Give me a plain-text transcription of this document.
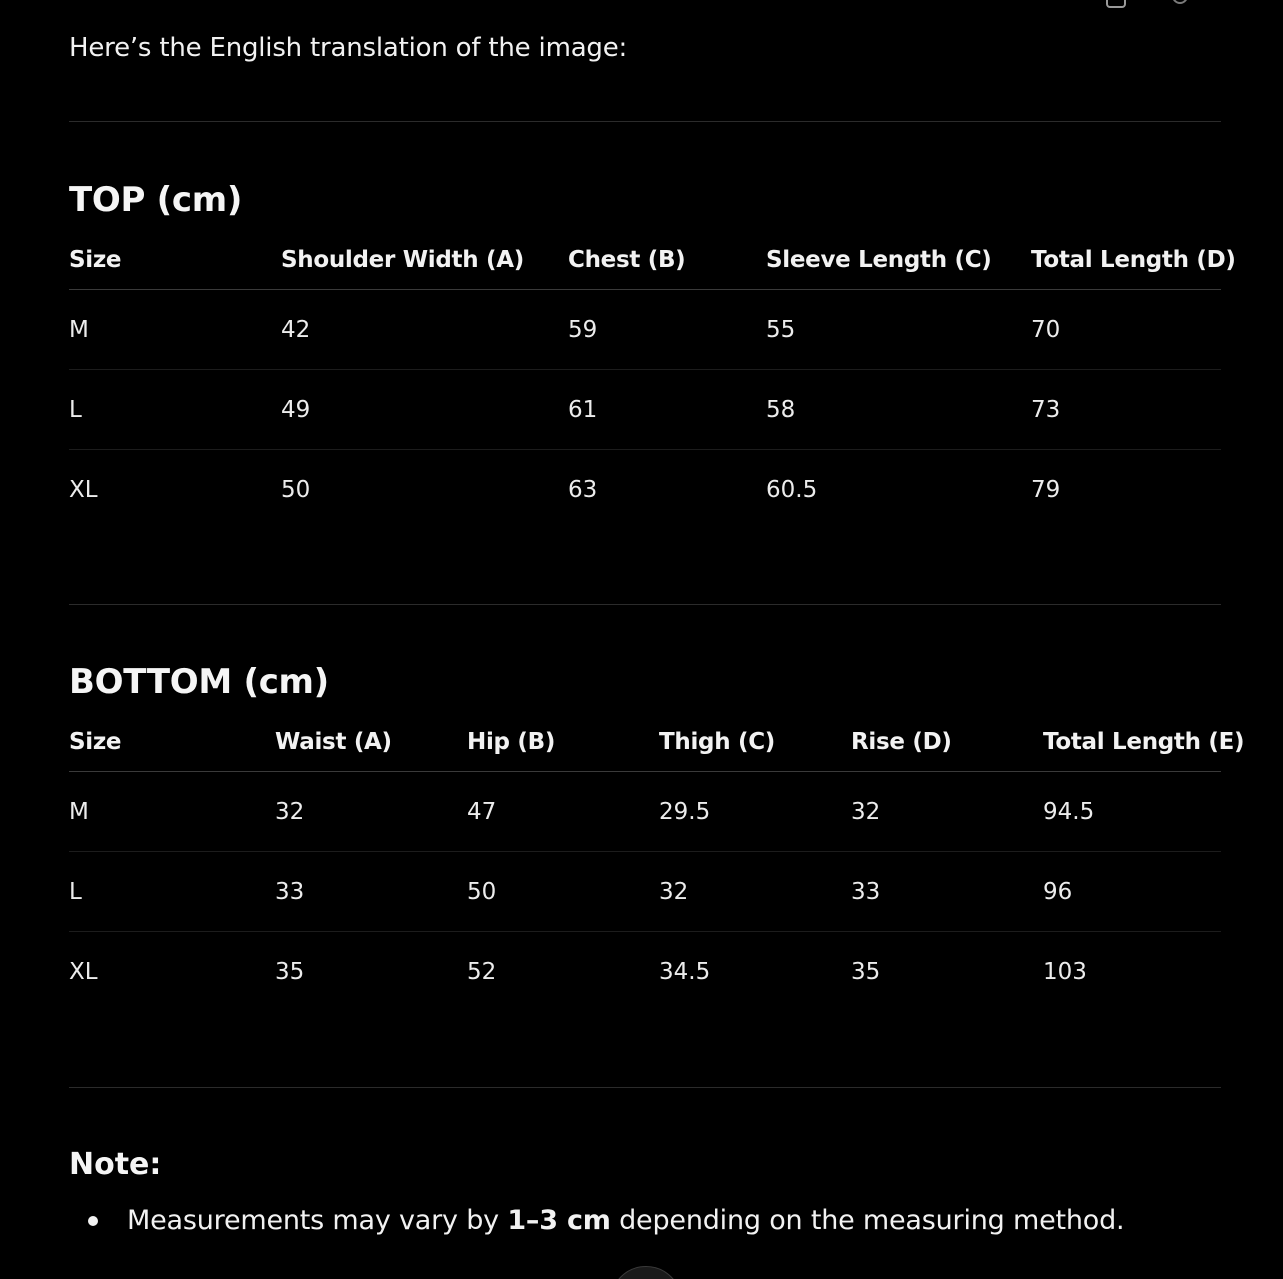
Here’s the English translation of the image:
TOP (cm)
Size	Shoulder Width (A)	Chest (B)	Sleeve Length (C)	Total Length (D)
M	42	59	55	70
L	49	61	58	73
XL	50	63	60.5	79
BOTTOM (cm)
Size	Waist (A)	Hip (B)	Thigh (C)	Rise (D)	Total Length (E)
M	32	47	29.5	32	94.5
L	33	50	32	33	96
XL	35	52	34.5	35	103
Note:
Measurements may vary by 1–3 cm depending on the measuring method.
